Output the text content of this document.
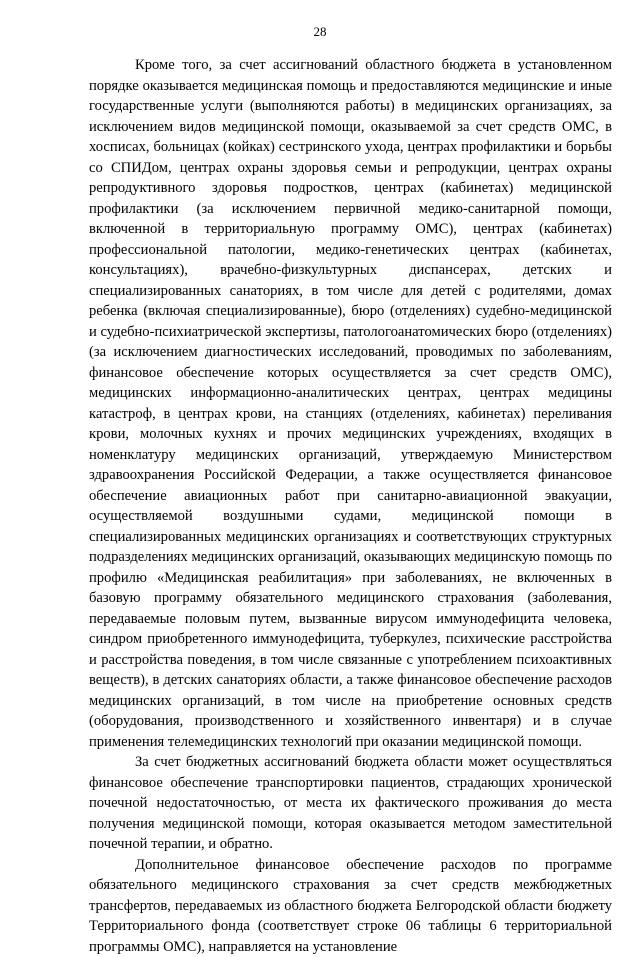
28

Кроме того, за счет ассигнований областного бюджета в установленном порядке оказывается медицинская помощь и предоставляются медицинские и иные государственные услуги (выполняются работы) в медицинских организациях, за исключением видов медицинской помощи, оказываемой за счет средств ОМС, в хосписах, больницах (койках) сестринского ухода, центрах профилактики и борьбы со СПИДом, центрах охраны здоровья семьи и репродукции, центрах охраны репродуктивного здоровья подростков, центрах (кабинетах) медицинской профилактики (за исключением первичной медико-санитарной помощи, включенной в территориальную программу ОМС), центрах (кабинетах) профессиональной патологии, медико-генетических центрах (кабинетах, консультациях), врачебно-физкультурных диспансерах, детских и специализированных санаториях, в том числе для детей с родителями, домах ребенка (включая специализированные), бюро (отделениях) судебно-медицинской и судебно-психиатрической экспертизы, патологоанатомических бюро (отделениях) (за исключением диагностических исследований, проводимых по заболеваниям, финансовое обеспечение которых осуществляется за счет средств ОМС), медицинских информационно-аналитических центрах, центрах медицины катастроф, в центрах крови, на станциях (отделениях, кабинетах) переливания крови, молочных кухнях и прочих медицинских учреждениях, входящих в номенклатуру медицинских организаций, утверждаемую Министерством здравоохранения Российской Федерации, а также осуществляется финансовое обеспечение авиационных работ при санитарно-авиационной эвакуации, осуществляемой воздушными судами, медицинской помощи в специализированных медицинских организациях и соответствующих структурных подразделениях медицинских организаций, оказывающих медицинскую помощь по профилю «Медицинская реабилитация» при заболеваниях, не включенных в базовую программу обязательного медицинского страхования (заболевания, передаваемые половым путем, вызванные вирусом иммунодефицита человека, синдром приобретенного иммунодефицита, туберкулез, психические расстройства и расстройства поведения, в том числе связанные с употреблением психоактивных веществ), в детских санаториях области, а также финансовое обеспечение расходов медицинских организаций, в том числе на приобретение основных средств (оборудования, производственного и хозяйственного инвентаря) и в случае применения телемедицинских технологий при оказании медицинской помощи.

За счет бюджетных ассигнований бюджета области может осуществляться финансовое обеспечение транспортировки пациентов, страдающих хронической почечной недостаточностью, от места их фактического проживания до места получения медицинской помощи, которая оказывается методом заместительной почечной терапии, и обратно.

Дополнительное финансовое обеспечение расходов по программе обязательного медицинского страхования за счет средств межбюджетных трансфертов, передаваемых из областного бюджета Белгородской области бюджету Территориального фонда (соответствует строке 06 таблицы 6 территориальной программы ОМС), направляется на установление
